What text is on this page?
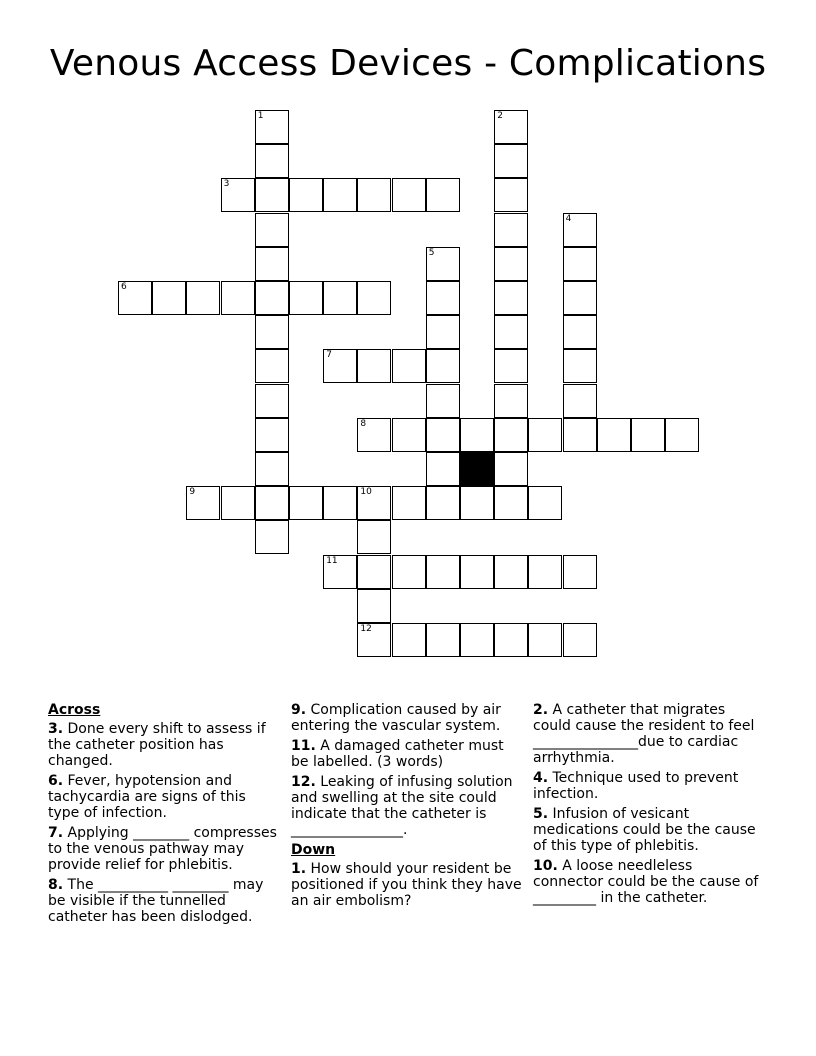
Venous Access Devices - Complications
1	2
3
4
5
6
7
8
9	10
11
12
Across
3. Done every shift to assess if the catheter position has changed.
6. Fever, hypotension and tachycardia are signs of this type of infection.
7. Applying ________ compresses to the venous pathway may provide relief for phlebitis.
8. The __________ ________ may be visible if the tunnelled catheter has been dislodged.
9. Complication caused by air entering the vascular system.
11. A damaged catheter must be labelled. (3 words)
12. Leaking of infusing solution and swelling at the site could indicate that the catheter is ________________.
Down
1. How should your resident be positioned if you think they have an air embolism?
2. A catheter that migrates could cause the resident to feel _______________due to cardiac arrhythmia.
4. Technique used to prevent infection.
5. Infusion of vesicant medications could be the cause of this type of phlebitis.
10. A loose needleless connector could be the cause of _________ in the catheter.
